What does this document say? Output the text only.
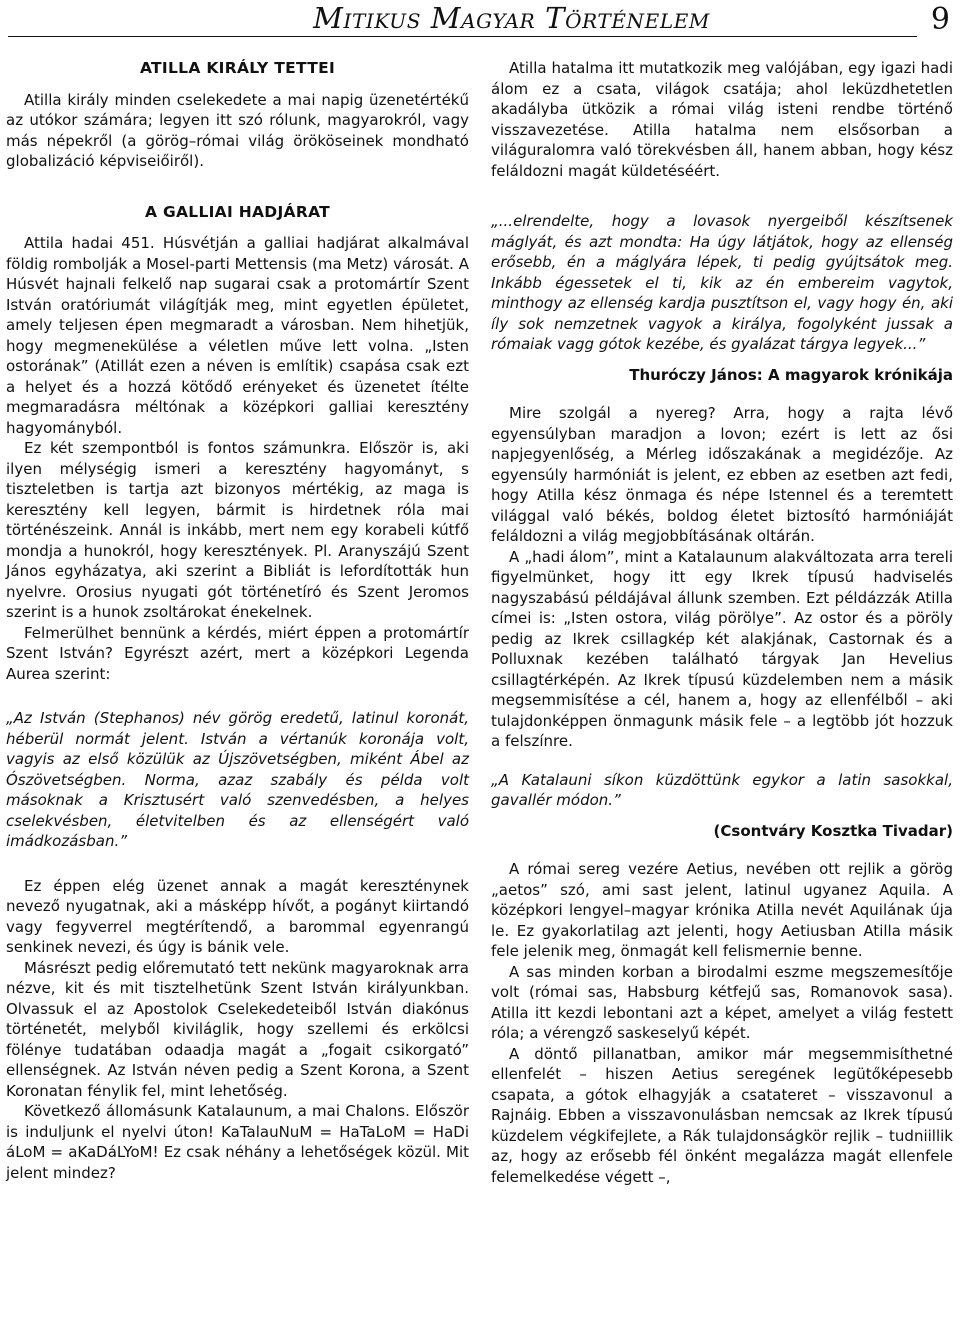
Mitikus Magyar Történelem	9
ATILLA KIRÁLY TETTEI

Atilla király minden cselekedete a mai napig üzenetértékű az utókor számára; legyen itt szó rólunk, magyarokról, vagy más népekről (a görög–római világ örököseinek mondható globalizáció képviseiőiről).

A GALLIAI HADJÁRAT

Attila hadai 451. Húsvétján a galliai hadjárat alkalmával földig rombolják a Mosel-parti Mettensis (ma Metz) városát. A Húsvét hajnali felkelő nap sugarai csak a protomártír Szent István oratóriumát világítják meg, mint egyetlen épületet, amely teljesen épen megmaradt a városban. Nem hihetjük, hogy megmenekülése a véletlen műve lett volna. „Isten ostorának” (Atillát ezen a néven is említik) csapása csak ezt a helyet és a hozzá kötődő erényeket és üzenetet ítélte megmaradásra méltónak a középkori galliai keresztény hagyományból.

Ez két szempontból is fontos számunkra. Először is, aki ilyen mélységig ismeri a keresztény hagyományt, s tiszteletben is tartja azt bizonyos mértékig, az maga is keresztény kell legyen, bármit is hirdetnek róla mai történészeink. Annál is inkább, mert nem egy korabeli kútfő mondja a hunokról, hogy keresztények. Pl. Aranyszájú Szent János egyházatya, aki szerint a Bibliát is lefordították hun nyelvre. Orosius nyugati gót történetíró és Szent Jeromos szerint is a hunok zsoltárokat énekelnek.

Felmerülhet bennünk a kérdés, miért éppen a protomártír Szent István? Egyrészt azért, mert a középkori Legenda Aurea szerint:

„Az István (Stephanos) név görög eredetű, latinul koronát, héberül normát jelent. István a vértanúk koronája volt, vagyis az első közülük az Újszövetségben, miként Ábel az Ószövetségben. Norma, azaz szabály és példa volt másoknak a Krisztusért való szenvedésben, a helyes cselekvésben, életvitelben és az ellenségért való imádkozásban.”

Ez éppen elég üzenet annak a magát kereszténynek nevező nyugatnak, aki a másképp hívőt, a pogányt kiirtandó vagy fegyverrel megtérítendő, a barommal egyenrangú senkinek nevezi, és úgy is bánik vele.

Másrészt pedig előremutató tett nekünk magyaroknak arra nézve, kit és mit tisztelhetünk Szent István királyunkban. Olvassuk el az Apostolok Cselekedeteiből István diakónus történetét, melyből kiviláglik, hogy szellemi és erkölcsi fölénye tudatában odaadja magát a „fogait csikorgató” ellenségnek. Az István néven pedig a Szent Korona, a Szent Koronatan fénylik fel, mint lehetőség.

Következő állomásunk Katalaunum, a mai Chalons. Először is induljunk el nyelvi úton! KaTalauNuM = HaTaLoM = HaDi áLoM = aKaDáLYoM! Ez csak néhány a lehetőségek közül. Mit jelent mindez?

Atilla hatalma itt mutatkozik meg valójában, egy igazi hadi álom ez a csata, világok csatája; ahol leküzdhetetlen akadályba ütközik a római világ isteni rendbe történő visszavezetése. Atilla hatalma nem elsősorban a világuralomra való törekvésben áll, hanem abban, hogy kész feláldozni magát küldetéséért.

„...elrendelte, hogy a lovasok nyergeiből készítsenek máglyát, és azt mondta: Ha úgy látjátok, hogy az ellenség erősebb, én a máglyára lépek, ti pedig gyújtsátok meg. Inkább égessetek el ti, kik az én embereim vagytok, minthogy az ellenség kardja pusztítson el, vagy hogy én, aki íly sok nemzetnek vagyok a királya, fogolyként jussak a rómaiak vagg gótok kezébe, és gyalázat tárgya legyek...”

Thuróczy János: A magyarok krónikája

Mire szolgál a nyereg? Arra, hogy a rajta lévő egyensúlyban maradjon a lovon; ezért is lett az ősi napjegyenlőség, a Mérleg időszakának a megidézője. Az egyensúly harmóniát is jelent, ez ebben az esetben azt fedi, hogy Atilla kész önmaga és népe Istennel és a teremtett világgal való békés, boldog életet biztosító harmóniáját feláldozni a világ megjobbításának oltárán.

A „hadi álom”, mint a Katalaunum alakváltozata arra tereli figyelmünket, hogy itt egy Ikrek típusú hadviselés nagyszabású példájával állunk szemben. Ezt példázzák Atilla címei is: „Isten ostora, világ pörölye”. Az ostor és a pöröly pedig az Ikrek csillagkép két alakjának, Castornak és a Polluxnak kezében található tárgyak Jan Hevelius csillagtérképén. Az Ikrek típusú küzdelemben nem a másik megsemmisítése a cél, hanem a, hogy az ellenfélből – aki tulajdonképpen önmagunk másik fele – a legtöbb jót hozzuk a felszínre.

„A Katalauni síkon küzdöttünk egykor a latin sasokkal, gavallér módon.”

(Csontváry Kosztka Tivadar)

A római sereg vezére Aetius, nevében ott rejlik a görög „aetos” szó, ami sast jelent, latinul ugyanez Aquila. A középkori lengyel–magyar krónika Atilla nevét Aquilának úja le. Ez gyakorlatilag azt jelenti, hogy Aetiusban Atilla másik fele jelenik meg, önmagát kell felismernie benne.

A sas minden korban a birodalmi eszme megszemesítője volt (római sas, Habsburg kétfejű sas, Romanovok sasa). Atilla itt kezdi lebontani azt a képet, amelyet a világ festett róla; a vérengző saskeselyű képét.

A döntő pillanatban, amikor már megsemmisíthetné ellenfelét – hiszen Aetius seregének legütőképesebb csapata, a gótok elhagyják a csatateret – visszavonul a Rajnáig. Ebben a visszavonulásban nemcsak az Ikrek típusú küzdelem végkifejlete, a Rák tulajdonságkör rejlik – tudniillik az, hogy az erősebb fél önként megalázza magát ellenfele felemelkedése végett –,
